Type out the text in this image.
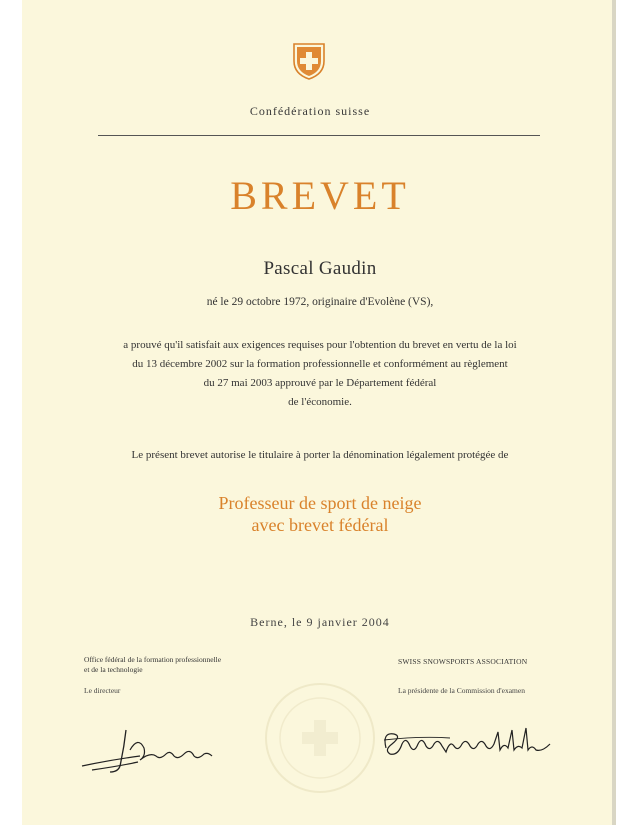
Confédération suisse
BREVET
Pascal Gaudin
né le 29 octobre 1972, originaire d'Evolène (VS),
a prouvé qu'il satisfait aux exigences requises pour l'obtention du brevet en vertu de la loi
du 13 décembre 2002 sur la formation professionnelle et conformément au règlement
du 27 mai 2003 approuvé par le Département fédéral
de l'économie.
Le présent brevet autorise le titulaire à porter la dénomination légalement protégée de
Professeur de sport de neige
avec brevet fédéral
Berne, le 9 janvier 2004
Office fédéral de la formation professionnelle
et de la technologie
Le directeur
SWISS SNOWSPORTS ASSOCIATION
La présidente de la Commission d'examen
